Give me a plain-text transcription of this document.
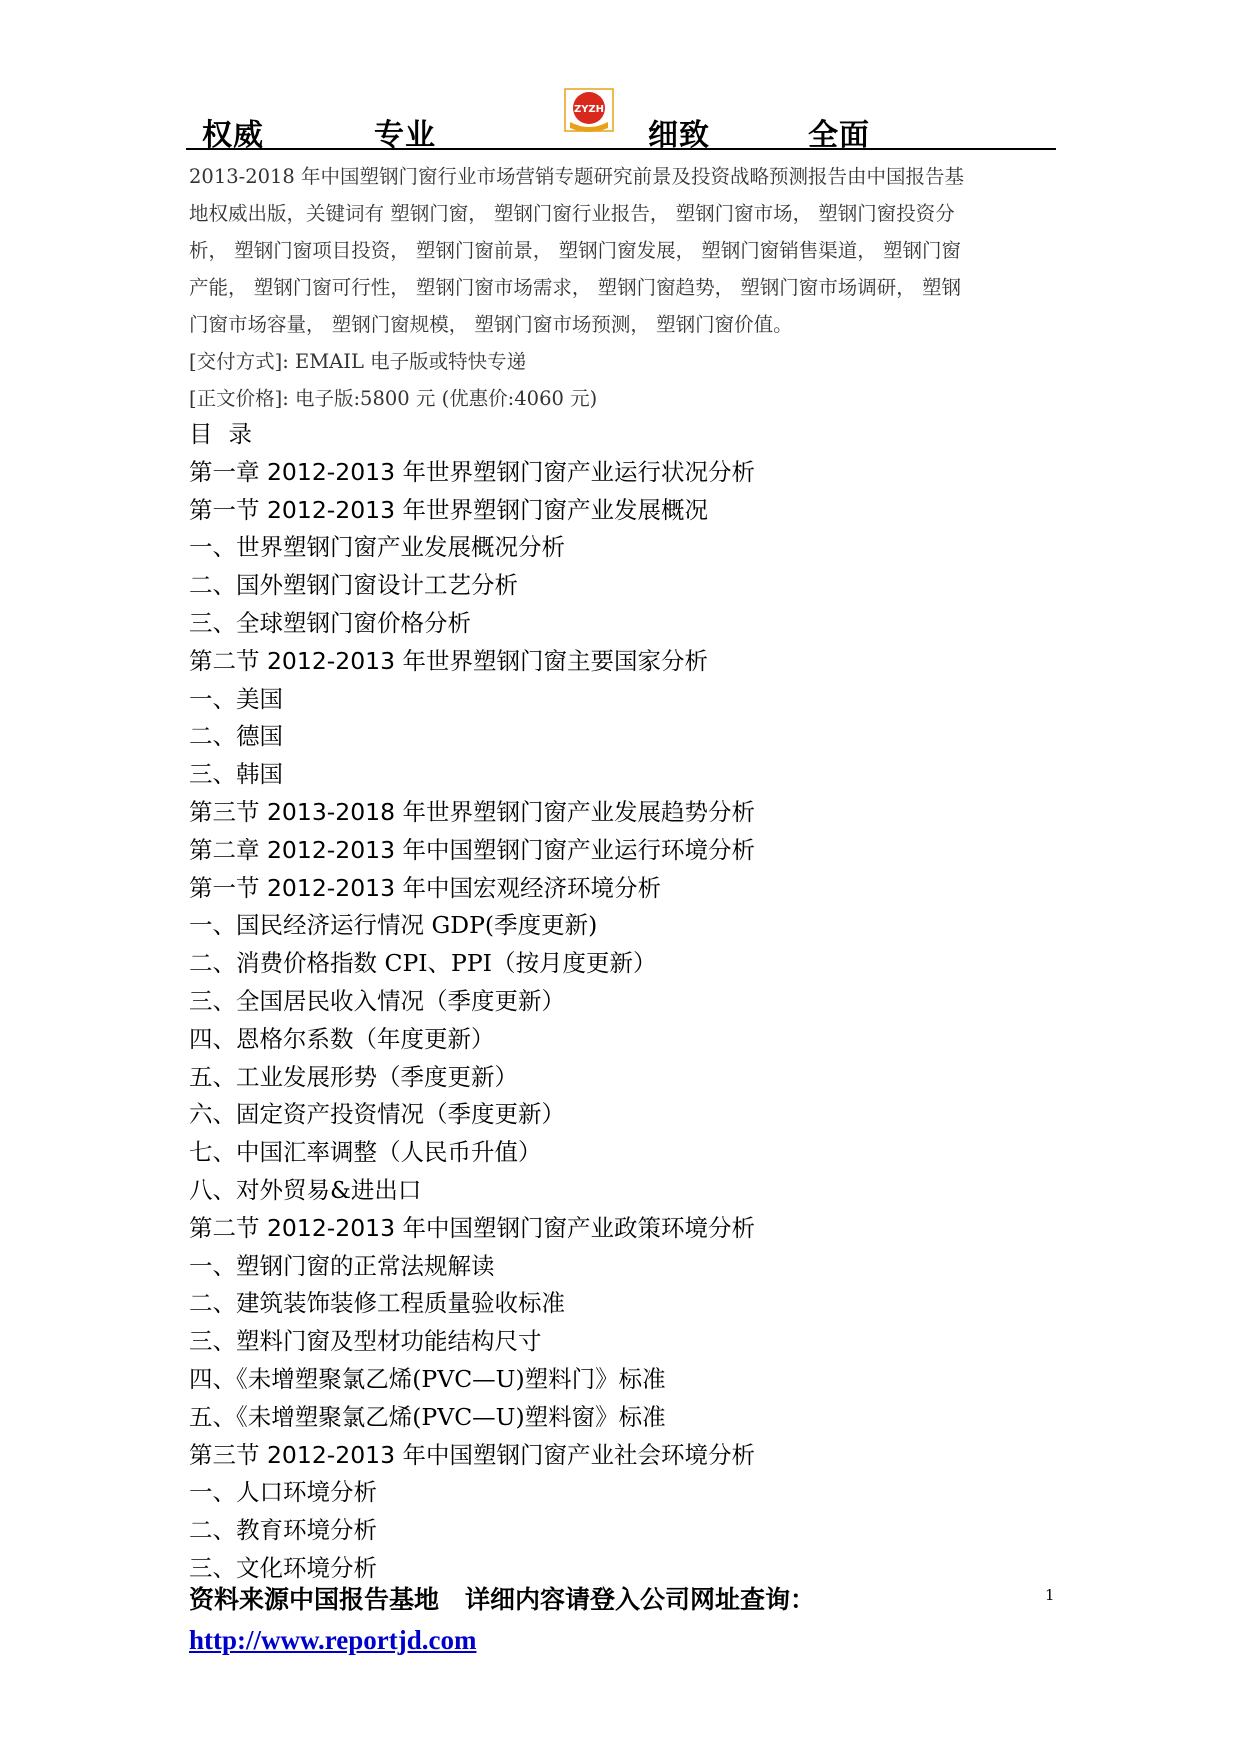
权威	专业
ZYZH
细致	全面

2013-2018 年中国塑钢门窗行业市场营销专题研究前景及投资战略预测报告由中国报告基

地权威出版，关键词有 塑钢门窗， 塑钢门窗行业报告， 塑钢门窗市场， 塑钢门窗投资分

析， 塑钢门窗项目投资， 塑钢门窗前景， 塑钢门窗发展， 塑钢门窗销售渠道， 塑钢门窗

产能， 塑钢门窗可行性， 塑钢门窗市场需求， 塑钢门窗趋势， 塑钢门窗市场调研， 塑钢

门窗市场容量， 塑钢门窗规模， 塑钢门窗市场预测， 塑钢门窗价值。

[交付方式]: EMAIL 电子版或特快专递

[正文价格]: 电子版:5800 元 (优惠价:4060 元)

目录
第一章 2012-2013 年世界塑钢门窗产业运行状况分析
第一节 2012-2013 年世界塑钢门窗产业发展概况
一、世界塑钢门窗产业发展概况分析
二、国外塑钢门窗设计工艺分析
三、全球塑钢门窗价格分析
第二节 2012-2013 年世界塑钢门窗主要国家分析
一、美国
二、德国
三、韩国
第三节 2013-2018 年世界塑钢门窗产业发展趋势分析
第二章 2012-2013 年中国塑钢门窗产业运行环境分析
第一节 2012-2013 年中国宏观经济环境分析
一、国民经济运行情况 GDP(季度更新)
二、消费价格指数 CPI、PPI（按月度更新）
三、全国居民收入情况（季度更新）
四、恩格尔系数（年度更新）
五、工业发展形势（季度更新）
六、固定资产投资情况（季度更新）
七、中国汇率调整（人民币升值）
八、对外贸易&进出口
第二节 2012-2013 年中国塑钢门窗产业政策环境分析
一、塑钢门窗的正常法规解读
二、建筑装饰装修工程质量验收标准
三、塑料门窗及型材功能结构尺寸
四、《未增塑聚氯乙烯(PVC—U)塑料门》标准
五、《未增塑聚氯乙烯(PVC—U)塑料窗》标准
第三节 2012-2013 年中国塑钢门窗产业社会环境分析
一、人口环境分析
二、教育环境分析
三、文化环境分析
资料来源中国报告基地 详细内容请登入公司网址查询：
http://www.reportjd.com
1
